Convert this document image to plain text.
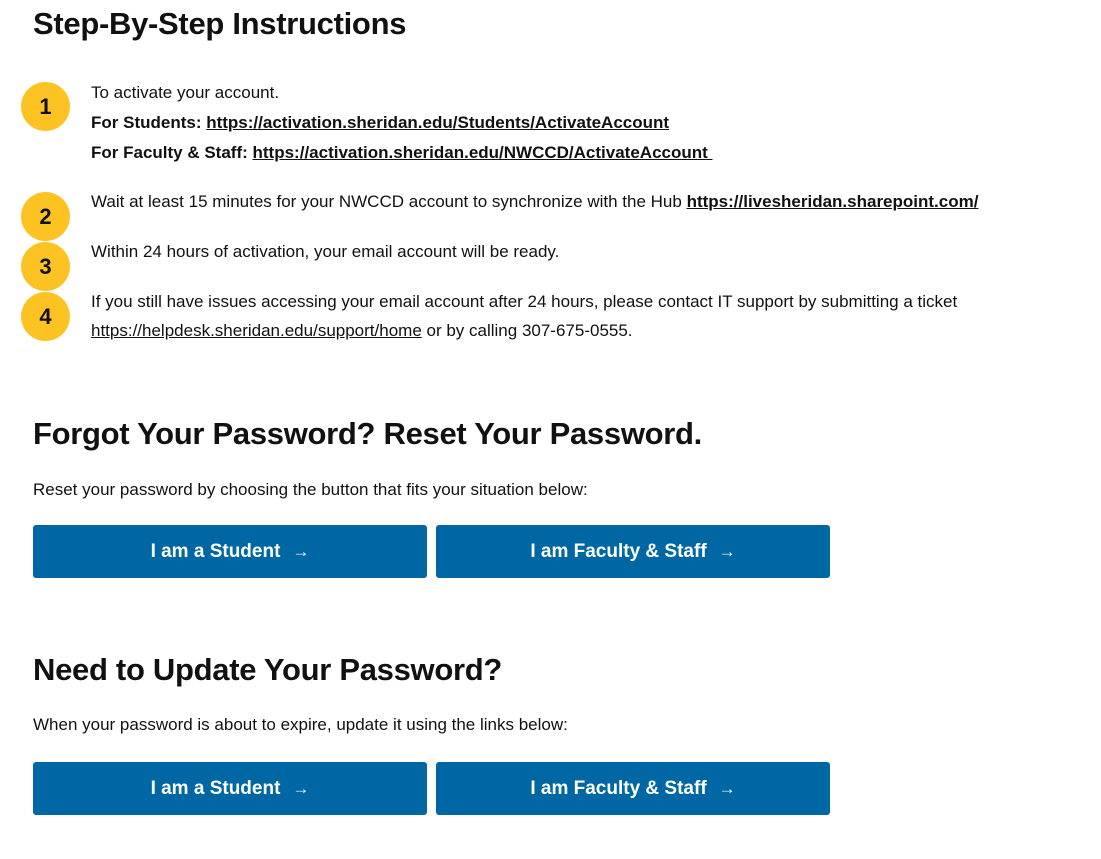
Step-By-Step Instructions
1
To activate your account.
For Students: https://activation.sheridan.edu/Students/ActivateAccount
For Faculty & Staff: https://activation.sheridan.edu/NWCCD/ActivateAccount
2
Wait at least 15 minutes for your NWCCD account to synchronize with the Hub https://livesheridan.sharepoint.com/
3
Within 24 hours of activation, your email account will be ready.
4
If you still have issues accessing your email account after 24 hours, please contact IT support by submitting a ticket
https://helpdesk.sheridan.edu/support/home or by calling 307-675-0555.
Forgot Your Password? Reset Your Password.

Reset your password by choosing the button that fits your situation below:

I am a Student →	I am Faculty & Staff →
Need to Update Your Password?

When your password is about to expire, update it using the links below:

I am a Student →	I am Faculty & Staff →
